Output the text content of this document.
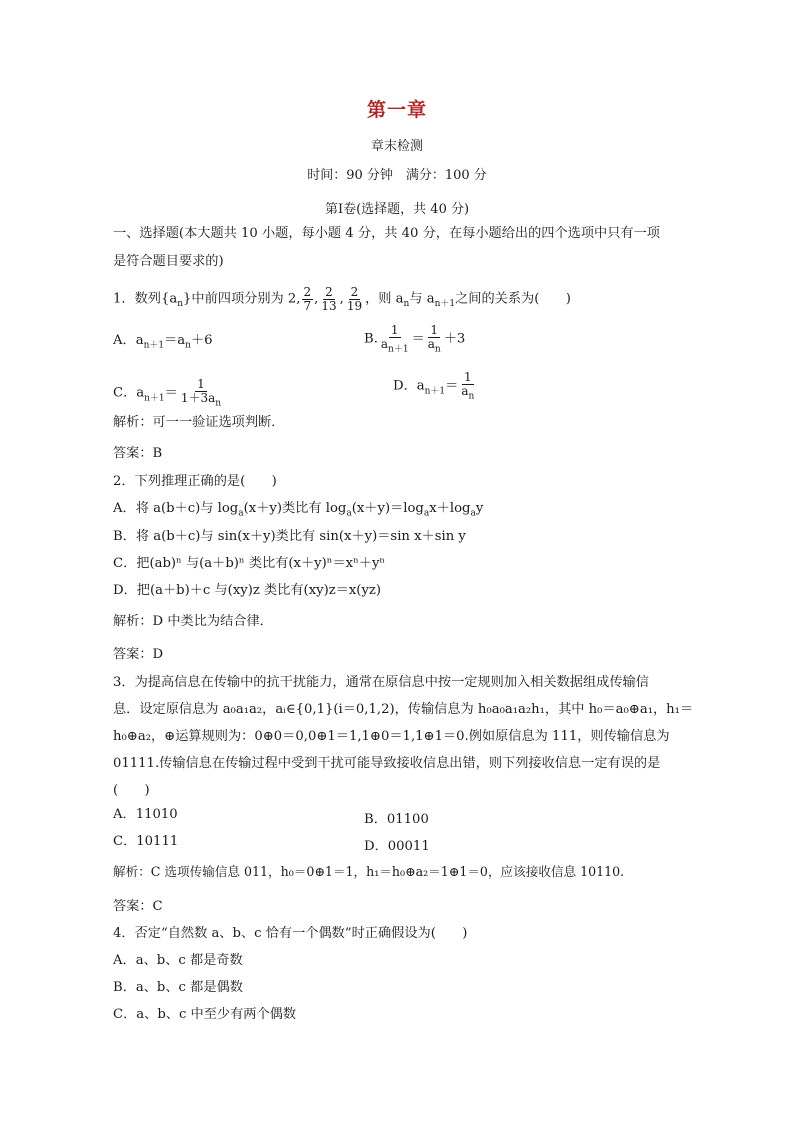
第一章
章末检测
时间：90 分钟　满分：100 分
第Ⅰ卷(选择题，共 40 分)
一、选择题(本大题共 10 小题，每小题 4 分，共 40 分，在每小题给出的四个选项中只有一项
是符合题目要求的)
1．数列$\{a_n\}$中前四项分别为 2, $\frac{2}{7}$ , $\frac{2}{13}$ , $\frac{2}{19}$ ，则 $a_n$与 $a_{n+1}$之间的关系为(　　)
A．$a_{n+1}=a_n+6$	B. $\frac{1}{a_{n+1}} = \frac{1}{a_n} +3$
C．$a_{n+1}= \frac{1}{1+3a_n}$	D．$a_{n+1}= \frac{1}{a_n}$
解析：可一一验证选项判断．
答案：B
2．下列推理正确的是(　　)
A．将 a(b＋c)与 $\log_a(x+y)$类比有 $\log_a(x+y)=\log_ax+\log_ay$
B．将 a(b＋c)与 sin(x＋y)类比有 sin(x＋y)＝sin x＋sin y
C．把(ab)ⁿ 与(a＋b)ⁿ 类比有(x＋y)ⁿ＝xⁿ＋yⁿ
D．把(a＋b)＋c 与(xy)z 类比有(xy)z＝x(yz)
解析：D 中类比为结合律．
答案：D
3．为提高信息在传输中的抗干扰能力，通常在原信息中按一定规则加入相关数据组成传输信
息．设定原信息为 a₀a₁a₂，aᵢ∈{0,1}(i＝0,1,2)，传输信息为 h₀a₀a₁a₂h₁，其中 h₀＝a₀⊕a₁，h₁＝
h₀⊕a₂，⊕运算规则为：0⊕0＝0,0⊕1＝1,1⊕0＝1,1⊕1＝0.例如原信息为 111，则传输信息为
01111.传输信息在传输过程中受到干扰可能导致接收信息出错，则下列接收信息一定有误的是
(　　)
A．11010	B．01100
C．10111	D．00011
解析：C 选项传输信息 011，h₀＝0⊕1＝1，h₁＝h₀⊕a₂＝1⊕1＝0，应该接收信息 10110.
答案：C
4．否定“自然数 a、b、c 恰有一个偶数”时正确假设为(　　)
A．a、b、c 都是奇数
B．a、b、c 都是偶数
C．a、b、c 中至少有两个偶数
